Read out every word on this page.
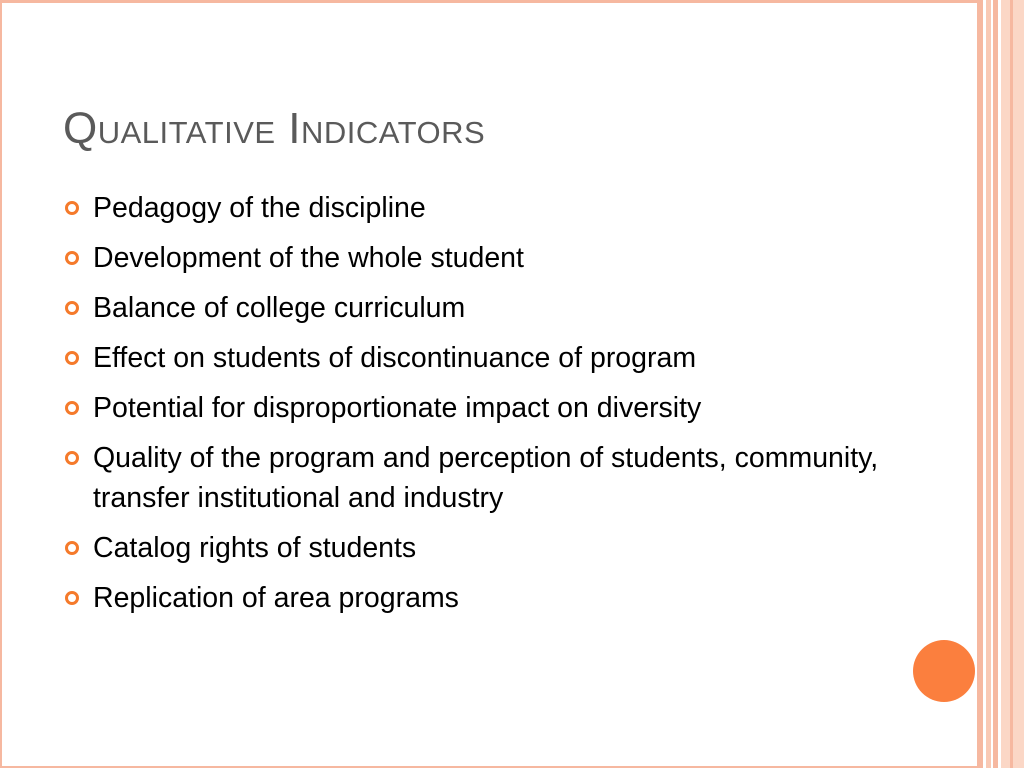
Qualitative Indicators
Pedagogy of the discipline
Development of the whole student
Balance of college curriculum
Effect on students of discontinuance of program
Potential for disproportionate impact on diversity
Quality of the program and perception of students, community, transfer institutional and industry
Catalog rights of students
Replication of area programs
